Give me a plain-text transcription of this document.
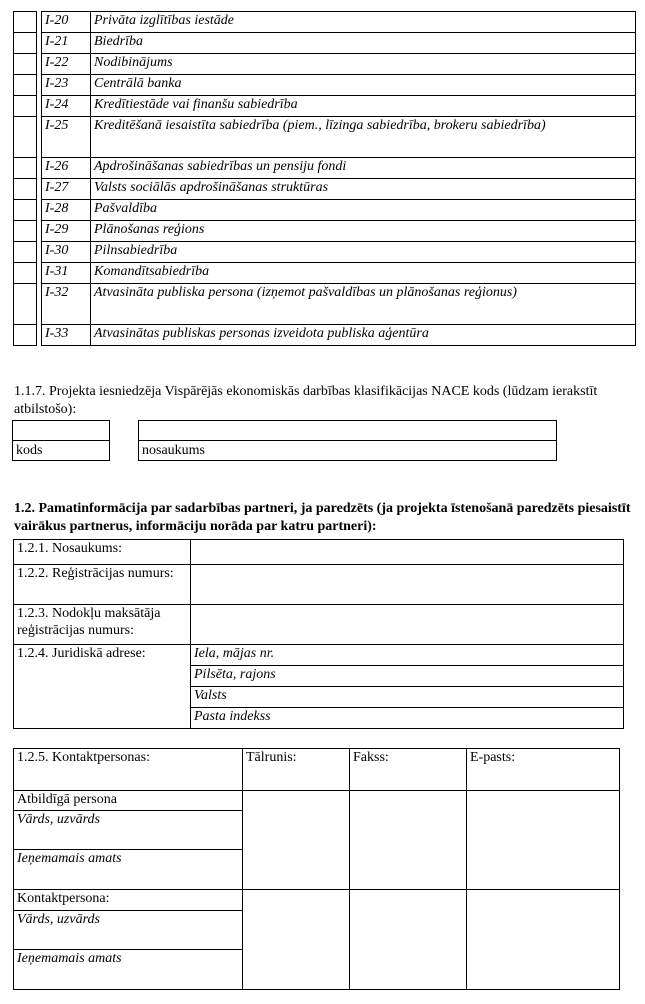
		I-20	Privāta izglītības iestāde
		I-21	Biedrība
		I-22	Nodibinājums
		I-23	Centrālā banka
		I-24	Kredītiestāde vai finanšu sabiedrība
		I-25	Kreditēšanā iesaistīta sabiedrība (piem., līzinga sabiedrība, brokeru sabiedrība)
		I-26	Apdrošināšanas sabiedrības un pensiju fondi
		I-27	Valsts sociālās apdrošināšanas struktūras
		I-28	Pašvaldība
		I-29	Plānošanas reģions
		I-30	Pilnsabiedrība
		I-31	Komandītsabiedrība
		I-32	Atvasināta publiska persona (izņemot pašvaldības un plānošanas reģionus)
		I-33	Atvasinātas publiskas personas izveidota publiska aģentūra
1.1.7. Projekta iesniedzēja Vispārējās ekonomiskās darbības klasifikācijas NACE kods (lūdzam ierakstīt atbilstošo):
kods	nosaukums
1.2. Pamatinformācija par sadarbības partneri, ja paredzēts (ja projekta īstenošanā paredzēts piesaistīt vairākus partnerus, informāciju norāda par katru partneri):
1.2.1. Nosaukums:	
1.2.2. Reģistrācijas numurs:	
1.2.3. Nodokļu maksātāja reģistrācijas numurs:	
1.2.4. Juridiskā adrese:	Iela, mājas nr.
	Pilsēta, rajons
	Valsts
	Pasta indekss
1.2.5. Kontaktpersonas:	Tālrunis:	Fakss:	E-pasts:
Atbildīgā persona			
Vārds, uzvārds			
Ieņemamais amats			
Kontaktpersona:			
Vārds, uzvārds			
Ieņemamais amats			
